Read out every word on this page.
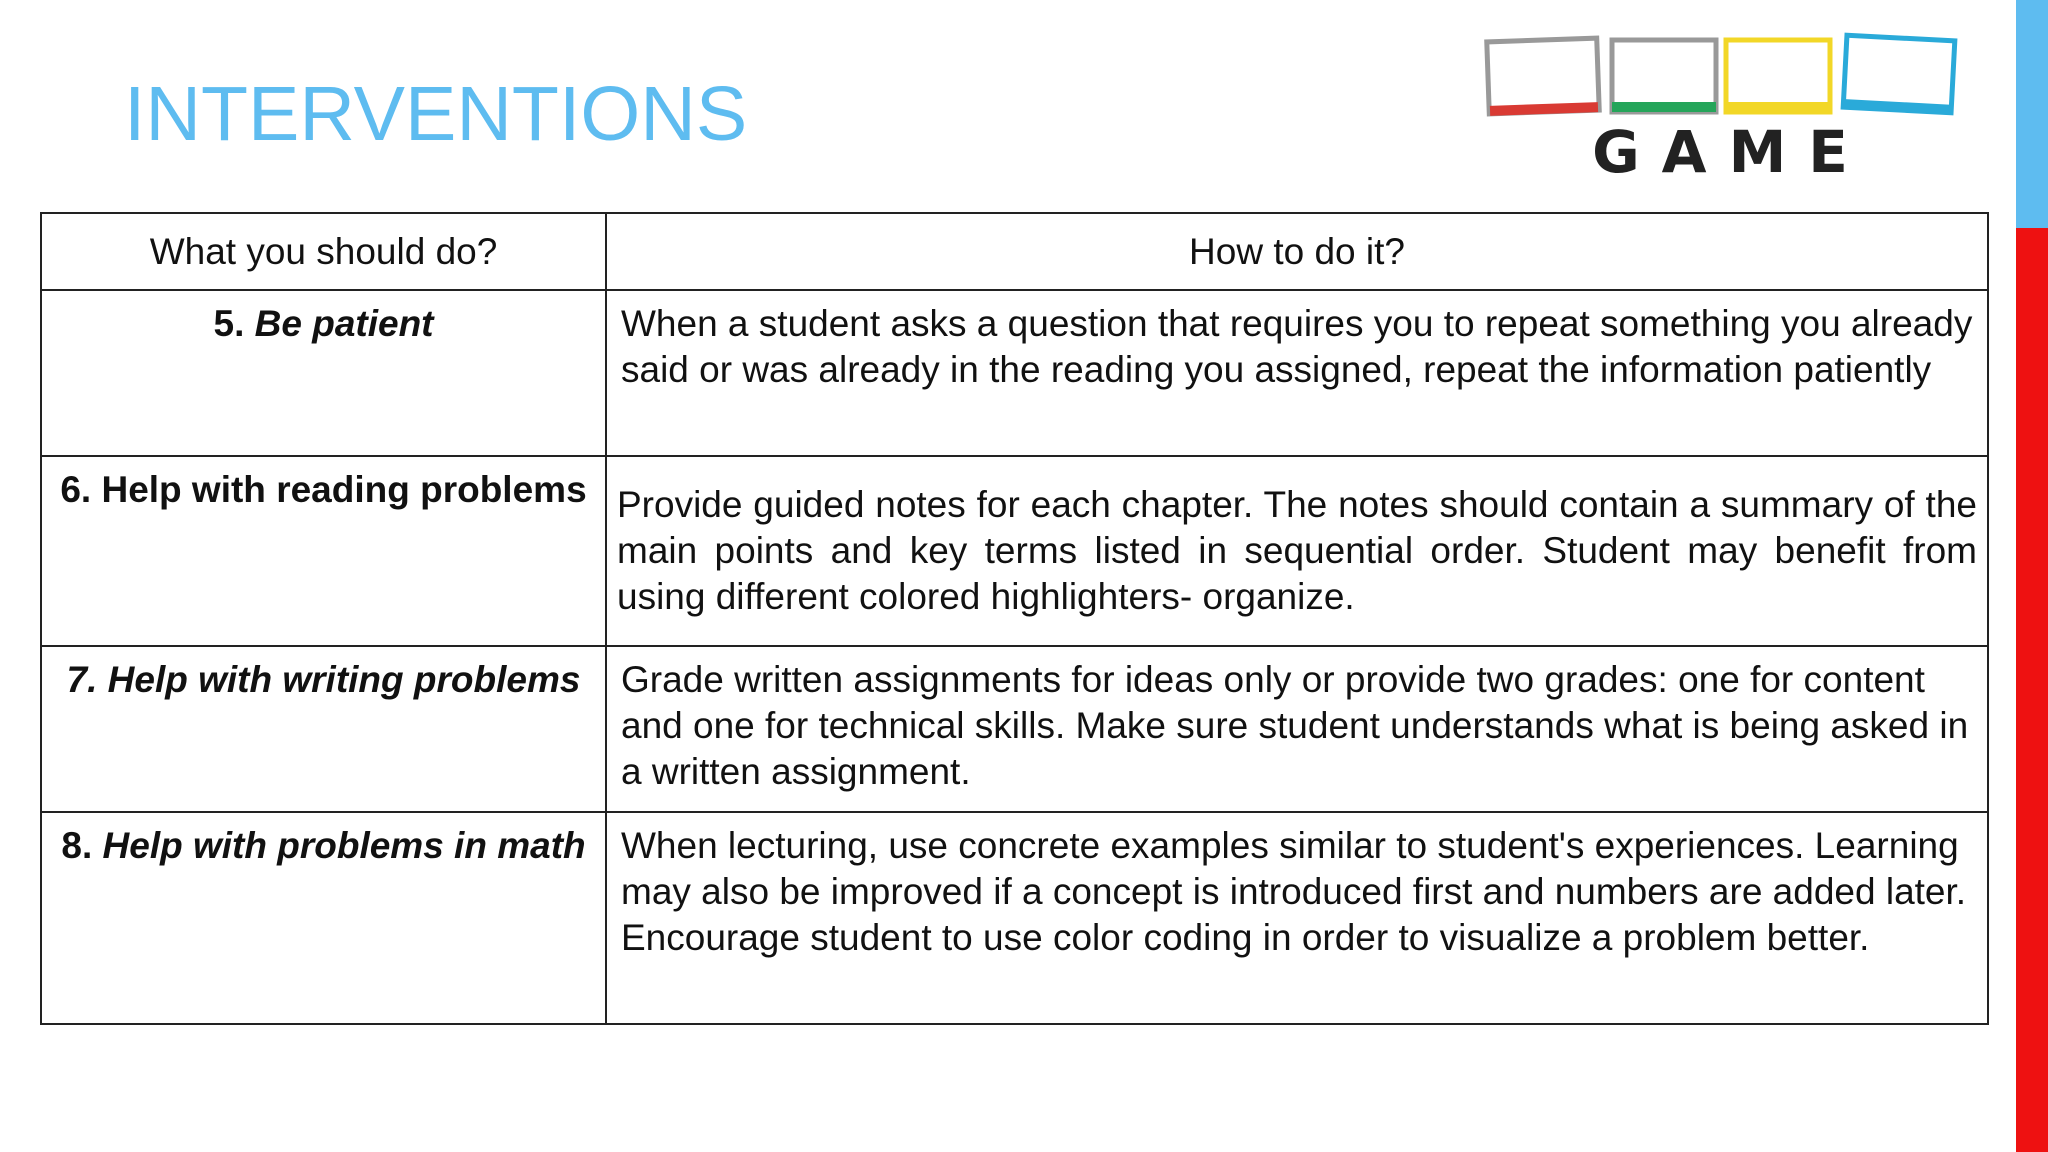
INTERVENTIONS	GAME
What you should do?	How to do it?
5. Be patient	When a student asks a question that requires you to repeat something you already said or was already in the reading you assigned, repeat the information patiently
6. Help with reading problems	Provide guided notes for each chapter. The notes should contain a summary of the main points and key terms listed in sequential order. Student may benefit from using different colored highlighters- organize.
7. Help with writing problems	Grade written assignments for ideas only or provide two grades: one for content and one for technical skills. Make sure student understands what is being asked in a written assignment.
8. Help with problems in math	When lecturing, use concrete examples similar to student's experiences. Learning may also be improved if a concept is introduced first and numbers are added later. Encourage student to use color coding in order to visualize a problem better.
